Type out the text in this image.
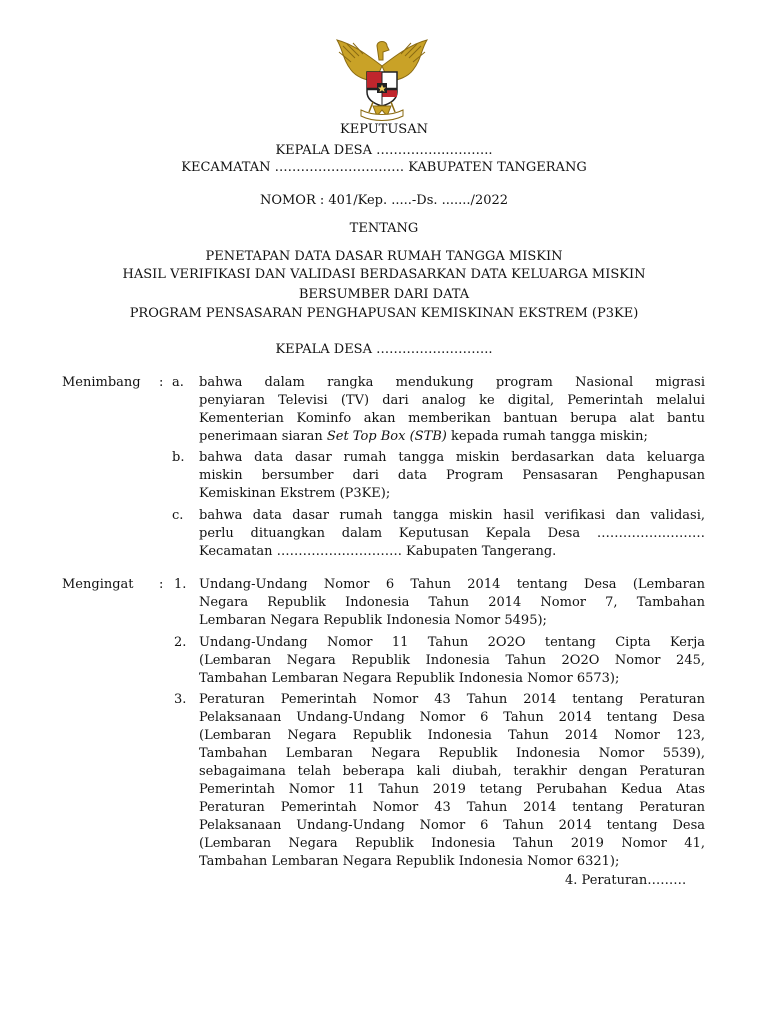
KEPUTUSAN
KEPALA DESA …………….………..
KECAMATAN …………….…….……. KABUPATEN TANGERANG
NOMOR : 401/Kep. .....-Ds. ......./2022
TENTANG
PENETAPAN DATA DASAR RUMAH TANGGA MISKIN
HASIL VERIFIKASI DAN VALIDASI BERDASARKAN DATA KELUARGA MISKIN
BERSUMBER DARI DATA
PROGRAM PENSASARAN PENGHAPUSAN KEMISKINAN EKSTREM (P3KE)
KEPALA DESA …………….………..
Menimbang : a. bahwa dalam rangka mendukung program Nasional migrasi
penyiaran Televisi (TV) dari analog ke digital, Pemerintah melalui
Kementerian Kominfo akan memberikan bantuan berupa alat bantu
penerimaan siaran Set Top Box (STB) kepada rumah tangga miskin;
b. bahwa data dasar rumah tangga miskin berdasarkan data keluarga
miskin bersumber dari data Program Pensasaran Penghapusan
Kemiskinan Ekstrem (P3KE);
c. bahwa data dasar rumah tangga miskin hasil verifikasi dan validasi,
perlu dituangkan dalam Keputusan Kepala Desa …………….………
Kecamatan …………….…………. Kabupaten Tangerang.
Mengingat : 1. Undang-Undang Nomor 6 Tahun 2014 tentang Desa (Lembaran
Negara Republik Indonesia Tahun 2014 Nomor 7, Tambahan
Lembaran Negara Republik Indonesia Nomor 5495);
2. Undang-Undang Nomor 11 Tahun 2O2O tentang Cipta Kerja
(Lembaran Negara Republik Indonesia Tahun 2O2O Nomor 245,
Tambahan Lembaran Negara Republik Indonesia Nomor 6573);
3. Peraturan Pemerintah Nomor 43 Tahun 2014 tentang Peraturan
Pelaksanaan Undang-Undang Nomor 6 Tahun 2014 tentang Desa
(Lembaran Negara Republik Indonesia Tahun 2014 Nomor 123,
Tambahan Lembaran Negara Republik Indonesia Nomor 5539),
sebagaimana telah beberapa kali diubah, terakhir dengan Peraturan
Pemerintah Nomor 11 Tahun 2019 tetang Perubahan Kedua Atas
Peraturan Pemerintah Nomor 43 Tahun 2014 tentang Peraturan
Pelaksanaan Undang-Undang Nomor 6 Tahun 2014 tentang Desa
(Lembaran Negara Republik Indonesia Tahun 2019 Nomor 41,
Tambahan Lembaran Negara Republik Indonesia Nomor 6321);
4. Peraturan………
